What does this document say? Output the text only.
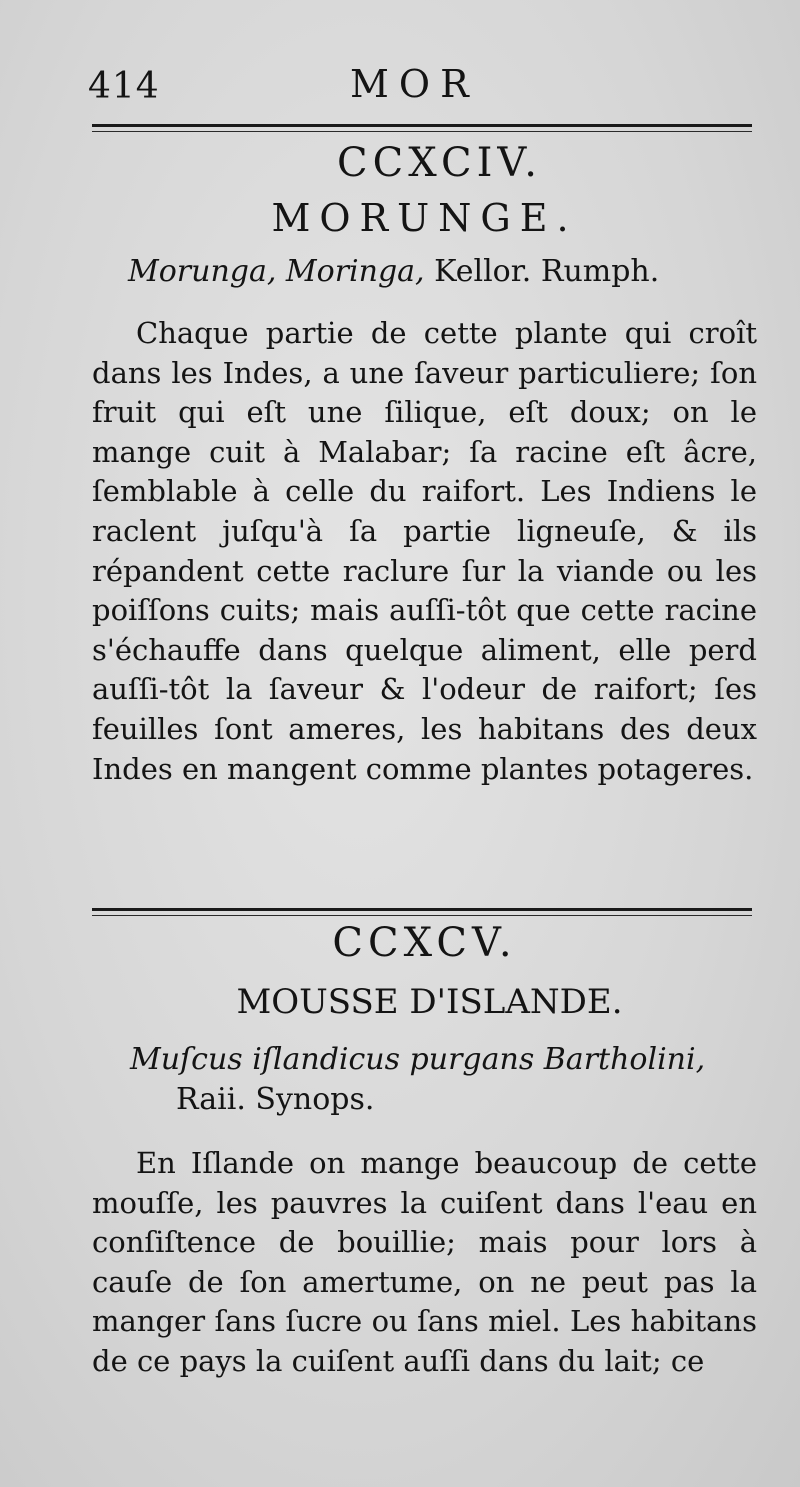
414	MOR

CCXCIV.

MORUNGE.

Morunga, Moringa, Kellor. Rumph.

Chaque partie de cette plante qui croît dans les Indes, a une ſaveur particuliere; ſon fruit qui eſt une ſilique, eſt doux; on le mange cuit à Malabar; ſa racine eſt âcre, ſemblable à celle du raifort. Les Indiens le raclent juſqu'à ſa partie ligneuſe, & ils répandent cette raclure ſur la viande ou les poiſſons cuits; mais auſſi-tôt que cette racine s'échauffe dans quelque aliment, elle perd auſſi-tôt la ſaveur & l'odeur de raifort; ſes feuilles ſont ameres, les habitans des deux Indes en mangent comme plantes potageres.

CCXCV.

MOUSSE D'ISLANDE.

Muſcus iſlandicus purgans Bartholini,
Raii. Synops.

En Iſlande on mange beaucoup de cette mouſſe, les pauvres la cuiſent dans l'eau en conſiſtence de bouillie; mais pour lors à cauſe de ſon amertume, on ne peut pas la manger ſans ſucre ou ſans miel. Les habitans de ce pays la cuiſent auſſi dans du lait; ce
